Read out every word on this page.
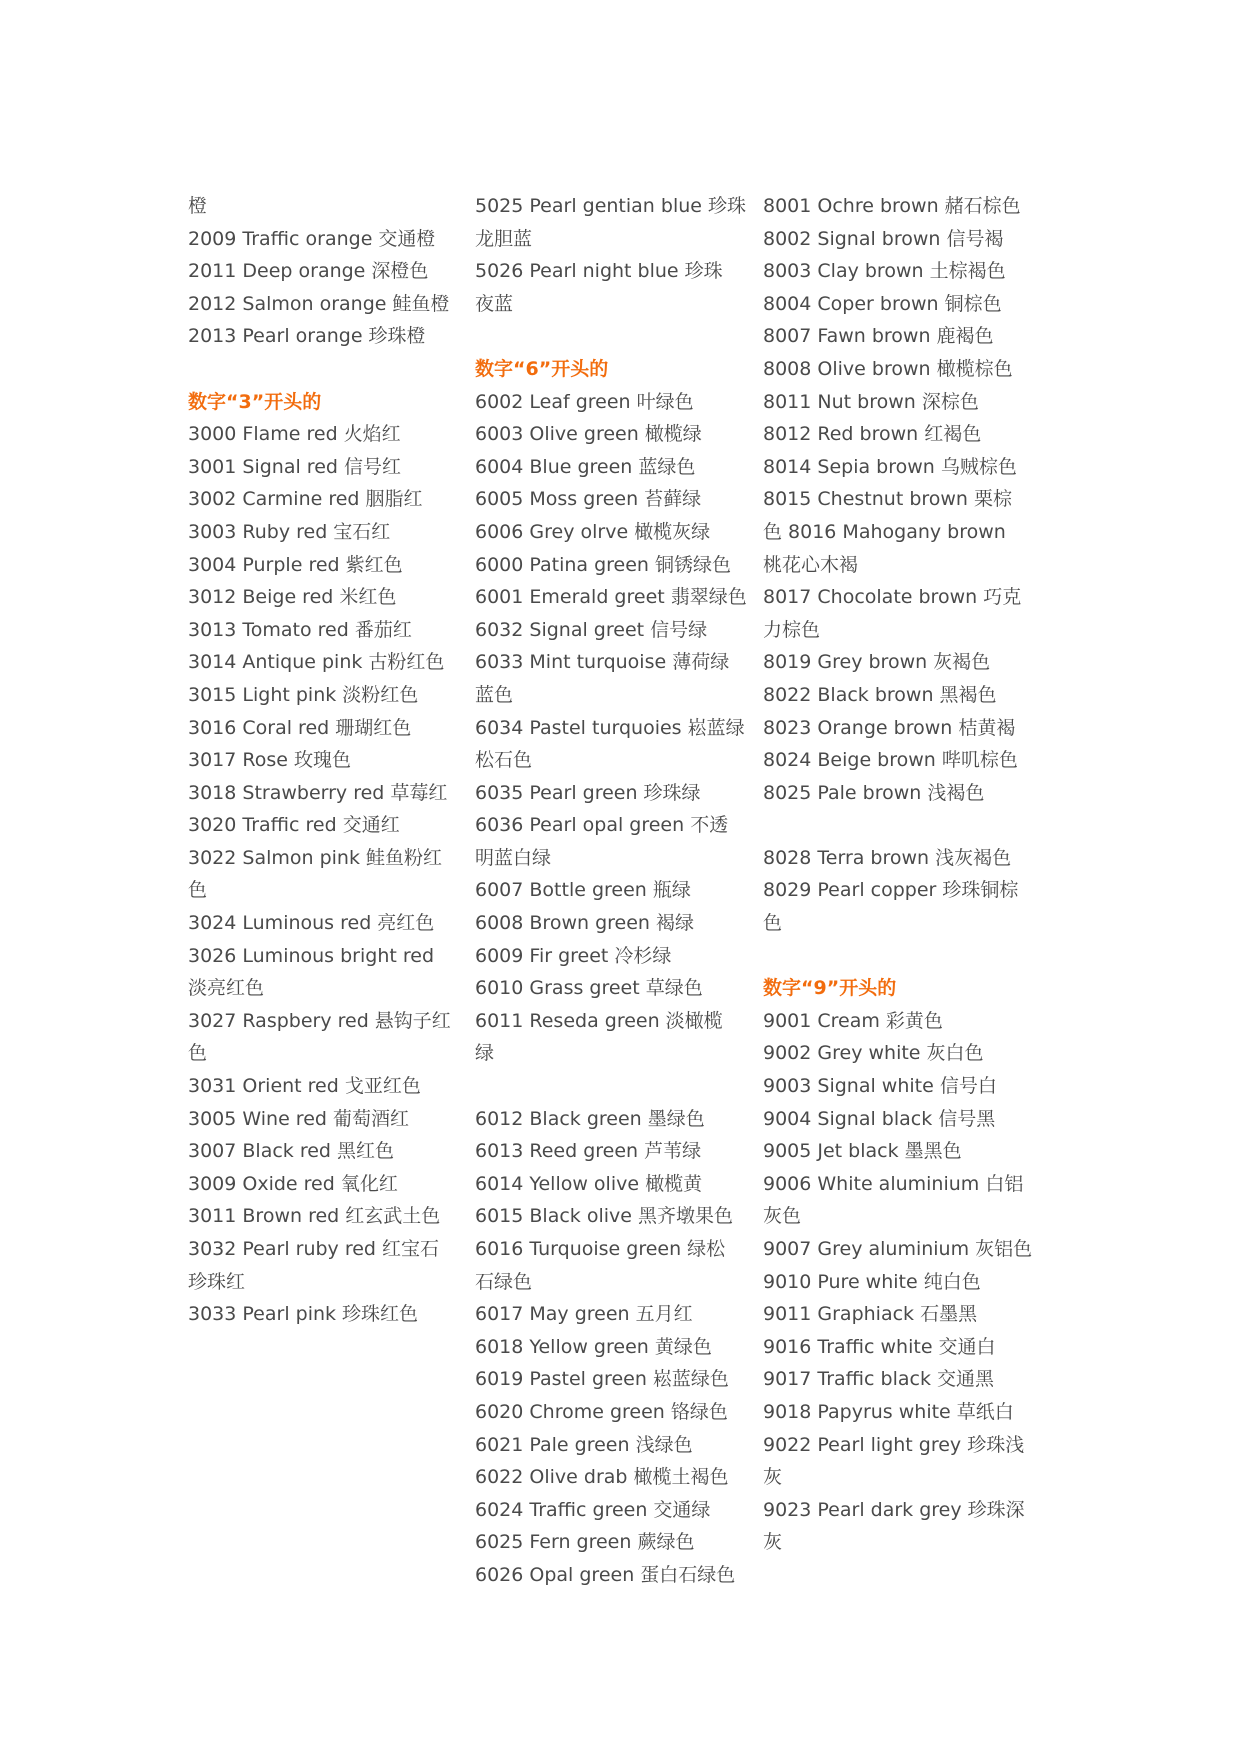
橙
2009 Traffic orange 交通橙
2011 Deep orange 深橙色
2012 Salmon orange 鲑鱼橙
2013 Pearl orange 珍珠橙
数字“3”开头的
3000 Flame red 火焰红
3001 Signal red 信号红
3002 Carmine red 胭脂红
3003 Ruby red 宝石红
3004 Purple red 紫红色
3012 Beige red 米红色
3013 Tomato red 番茄红
3014 Antique pink 古粉红色
3015 Light pink 淡粉红色
3016 Coral red 珊瑚红色
3017 Rose 玫瑰色
3018 Strawberry red 草莓红
3020 Traffic red 交通红
3022 Salmon pink 鲑鱼粉红
色
3024 Luminous red 亮红色
3026 Luminous bright red
淡亮红色
3027 Raspbery red 悬钩子红
色
3031 Orient red 戈亚红色
3005 Wine red 葡萄酒红
3007 Black red 黑红色
3009 Oxide red 氧化红
3011 Brown red 红玄武土色
3032 Pearl ruby red 红宝石
珍珠红
3033 Pearl pink 珍珠红色
5025 Pearl gentian blue 珍珠
龙胆蓝
5026 Pearl night blue 珍珠
夜蓝
数字“6”开头的
6002 Leaf green 叶绿色
6003 Olive green 橄榄绿
6004 Blue green 蓝绿色
6005 Moss green 苔藓绿
6006 Grey olrve 橄榄灰绿
6000 Patina green 铜锈绿色
6001 Emerald greet 翡翠绿色
6032 Signal greet 信号绿
6033 Mint turquoise 薄荷绿
蓝色
6034 Pastel turquoies 崧蓝绿
松石色
6035 Pearl green 珍珠绿
6036 Pearl opal green 不透
明蓝白绿
6007 Bottle green 瓶绿
6008 Brown green 褐绿
6009 Fir greet 冷杉绿
6010 Grass greet 草绿色
6011 Reseda green 淡橄榄
绿
6012 Black green 墨绿色
6013 Reed green 芦苇绿
6014 Yellow olive 橄榄黄
6015 Black olive 黑齐墩果色
6016 Turquoise green 绿松
石绿色
6017 May green 五月红
6018 Yellow green 黄绿色
6019 Pastel green 崧蓝绿色
6020 Chrome green 铬绿色
6021 Pale green 浅绿色
6022 Olive drab 橄榄土褐色
6024 Traffic green 交通绿
6025 Fern green 蕨绿色
6026 Opal green 蛋白石绿色
8001 Ochre brown 赭石棕色
8002 Signal brown 信号褐
8003 Clay brown 土棕褐色
8004 Coper brown 铜棕色
8007 Fawn brown 鹿褐色
8008 Olive brown 橄榄棕色
8011 Nut brown 深棕色
8012 Red brown 红褐色
8014 Sepia brown 乌贼棕色
8015 Chestnut brown 栗棕
色 8016 Mahogany brown
桃花心木褐
8017 Chocolate brown 巧克
力棕色
8019 Grey brown 灰褐色
8022 Black brown 黑褐色
8023 Orange brown 桔黄褐
8024 Beige brown 哔叽棕色
8025 Pale brown 浅褐色
8028 Terra brown 浅灰褐色
8029 Pearl copper 珍珠铜棕
色
数字“9”开头的
9001 Cream 彩黄色
9002 Grey white 灰白色
9003 Signal white 信号白
9004 Signal black 信号黑
9005 Jet black 墨黑色
9006 White aluminium 白铝
灰色
9007 Grey aluminium 灰铝色
9010 Pure white 纯白色
9011 Graphiack 石墨黑
9016 Traffic white 交通白
9017 Traffic black 交通黑
9018 Papyrus white 草纸白
9022 Pearl light grey 珍珠浅
灰
9023 Pearl dark grey 珍珠深
灰
